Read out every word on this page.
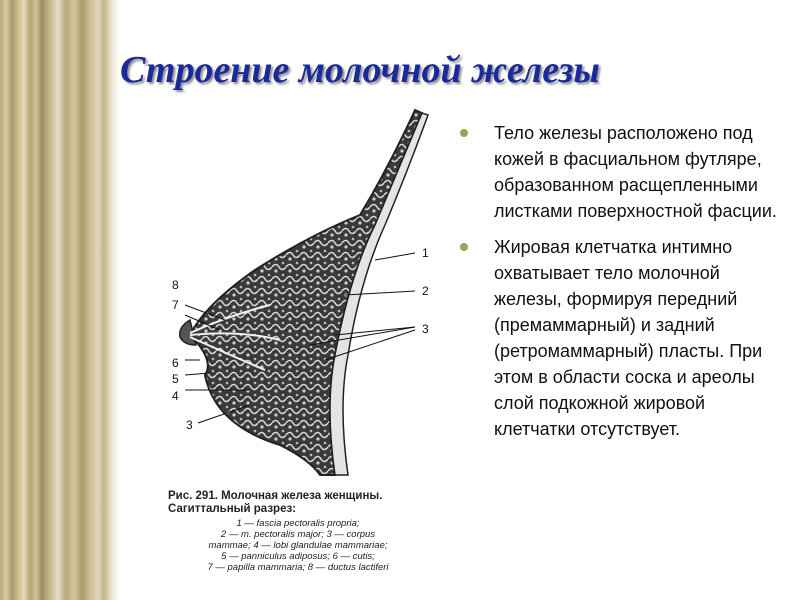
Строение молочной железы
1
2
3
8
7
6
5
4
3
Рис. 291. Молочная железа женщины. Сагиттальный разрез:
1 — fascia pectoralis propria;
2 — m. pectoralis major; 3 — corpus
mammae; 4 — lobi glandulae mammariae;
5 — panniculus adiposus; 6 — cutis;
7 — papilla mammaria; 8 — ductus lactiferi
Тело железы расположено под кожей в фасциальном футляре, образованном расщепленными листками поверхностной фасции.
Жировая клетчатка интимно охватывает тело молочной железы, формируя передний (премаммарный) и задний (ретромаммарный) пласты. При этом в области соска и ареолы слой подкожной жировой клетчатки отсутствует.
